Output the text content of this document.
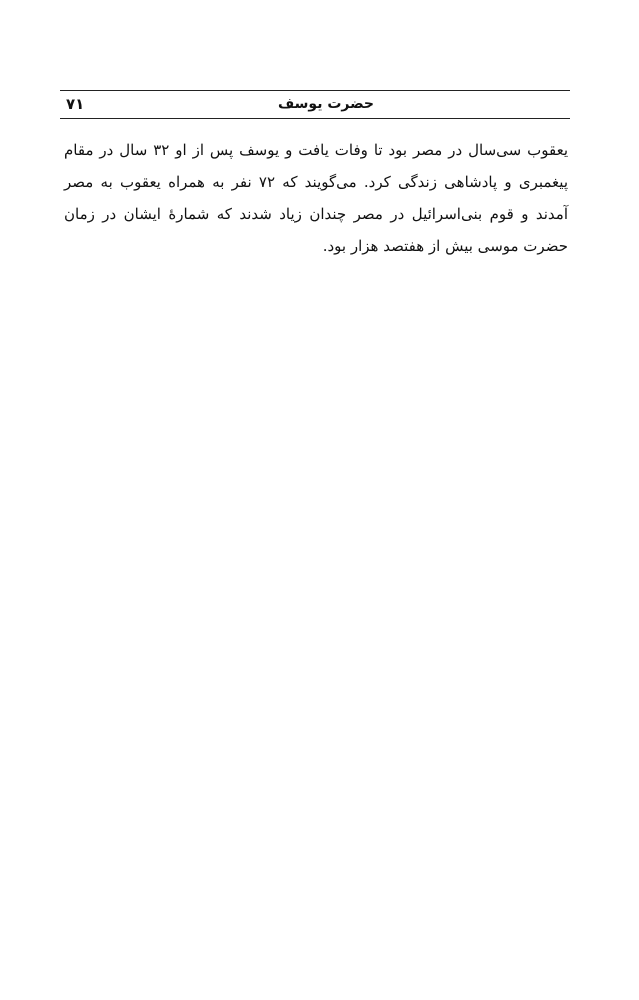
حضرت یوسف
۷۱

یعقوب سی‌سال در مصر بود تا وفات یافت و یوسف پس از او ۳۲ سال در مقام پیغمبری و پادشاهی زندگی کرد. می‌گویند که ۷۲ نفر به همراه یعقوب به مصر آمدند و قوم بنی‌اسرائیل در مصر چندان زیاد شدند که شمارهٔ ایشان در زمان حضرت موسی بیش از هفتصد هزار بود.
